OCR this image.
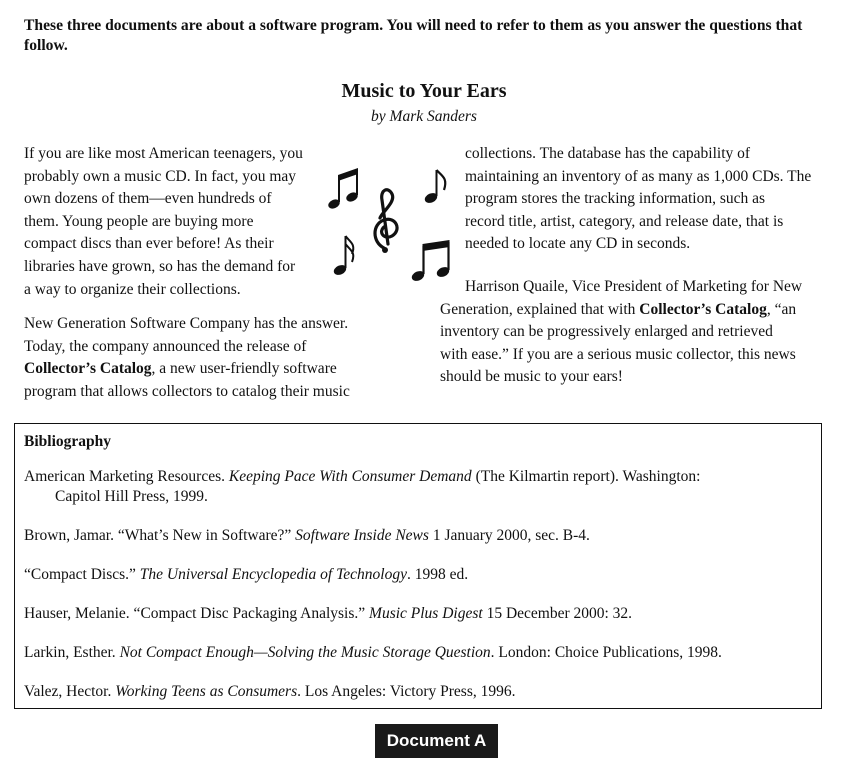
These three documents are about a software program. You will need to refer to them as you answer the questions that follow.
Music to Your Ears
by Mark Sanders
If you are like most American teenagers, you
probably own a music CD. In fact, you may
own dozens of them—even hundreds of
them. Young people are buying more
compact discs than ever before! As their
libraries have grown, so has the demand for
a way to organize their collections.
New Generation Software Company has the answer.
Today, the company announced the release of
Collector’s Catalog, a new user-friendly software
program that allows collectors to catalog their music
collections. The database has the capability of
maintaining an inventory of as many as 1,000 CDs. The
program stores the tracking information, such as
record title, artist, category, and release date, that is
needed to locate any CD in seconds.
Harrison Quaile, Vice President of Marketing for New
Generation, explained that with Collector’s Catalog, “an
inventory can be progressively enlarged and retrieved
with ease.” If you are a serious music collector, this news
should be music to your ears!
Bibliography
American Marketing Resources. Keeping Pace With Consumer Demand (The Kilmartin report). Washington:
Capitol Hill Press, 1999.
Brown, Jamar. “What’s New in Software?” Software Inside News 1 January 2000, sec. B-4.
“Compact Discs.” The Universal Encyclopedia of Technology. 1998 ed.
Hauser, Melanie. “Compact Disc Packaging Analysis.” Music Plus Digest 15 December 2000: 32.
Larkin, Esther. Not Compact Enough—Solving the Music Storage Question. London: Choice Publications, 1998.
Valez, Hector. Working Teens as Consumers. Los Angeles: Victory Press, 1996.
Document A
